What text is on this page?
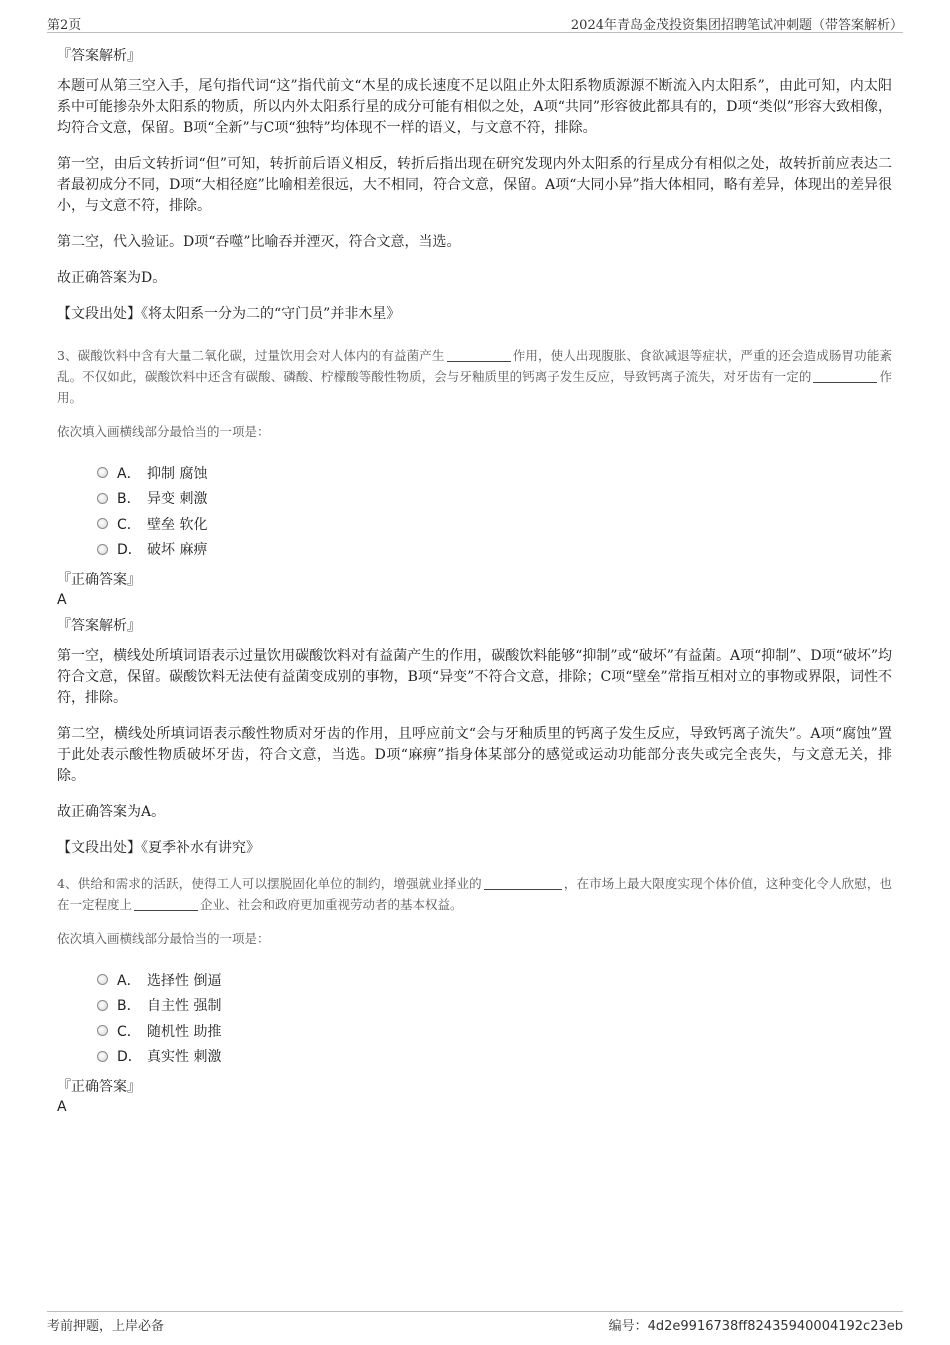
第2页	2024年青岛金茂投资集团招聘笔试冲刺题（带答案解析）
『答案解析』

本题可从第三空入手，尾句指代词“这”指代前文“木星的成长速度不足以阻止外太阳系物质源源不断流入内太阳系”，由此可知，内太阳系中可能掺杂外太阳系的物质，所以内外太阳系行星的成分可能有相似之处，A项“共同”形容彼此都具有的，D项“类似”形容大致相像，均符合文意，保留。B项“全新”与C项“独特”均体现不一样的语义，与文意不符，排除。

第一空，由后文转折词“但”可知，转折前后语义相反，转折后指出现在研究发现内外太阳系的行星成分有相似之处，故转折前应表达二者最初成分不同，D项“大相径庭”比喻相差很远，大不相同，符合文意，保留。A项“大同小异”指大体相同，略有差异，体现出的差异很小，与文意不符，排除。

第二空，代入验证。D项“吞噬”比喻吞并湮灭，符合文意，当选。

故正确答案为D。

【文段出处】《将太阳系一分为二的“守门员”并非木星》

3、碳酸饮料中含有大量二氧化碳，过量饮用会对人体内的有益菌产生	作用，使人出现腹胀、食欲减退等症状，严重的还会造成肠胃功能紊乱。不仅如此，碳酸饮料中还含有碳酸、磷酸、柠檬酸等酸性物质，会与牙釉质里的钙离子发生反应，导致钙离子流失，对牙齿有一定的	作用。

依次填入画横线部分最恰当的一项是：
A． 抑制 腐蚀
B． 异变 刺激
C． 壁垒 软化
D． 破坏 麻痹
『正确答案』
A
『答案解析』

第一空，横线处所填词语表示过量饮用碳酸饮料对有益菌产生的作用，碳酸饮料能够“抑制”或“破坏”有益菌。A项“抑制”、D项“破坏”均符合文意，保留。碳酸饮料无法使有益菌变成别的事物，B项“异变”不符合文意，排除；C项“壁垒”常指互相对立的事物或界限，词性不符，排除。

第二空，横线处所填词语表示酸性物质对牙齿的作用，且呼应前文“会与牙釉质里的钙离子发生反应，导致钙离子流失”。A项“腐蚀”置于此处表示酸性物质破坏牙齿，符合文意，当选。D项“麻痹”指身体某部分的感觉或运动功能部分丧失或完全丧失，与文意无关，排除。

故正确答案为A。

【文段出处】《夏季补水有讲究》

4、供给和需求的活跃，使得工人可以摆脱固化单位的制约，增强就业择业的	，在市场上最大限度实现个体价值，这种变化令人欣慰，也在一定程度上	企业、社会和政府更加重视劳动者的基本权益。

依次填入画横线部分最恰当的一项是：
A． 选择性 倒逼
B． 自主性 强制
C． 随机性 助推
D． 真实性 刺激
『正确答案』
A
考前押题，上岸必备	编号：4d2e9916738ff82435940004192c23eb
